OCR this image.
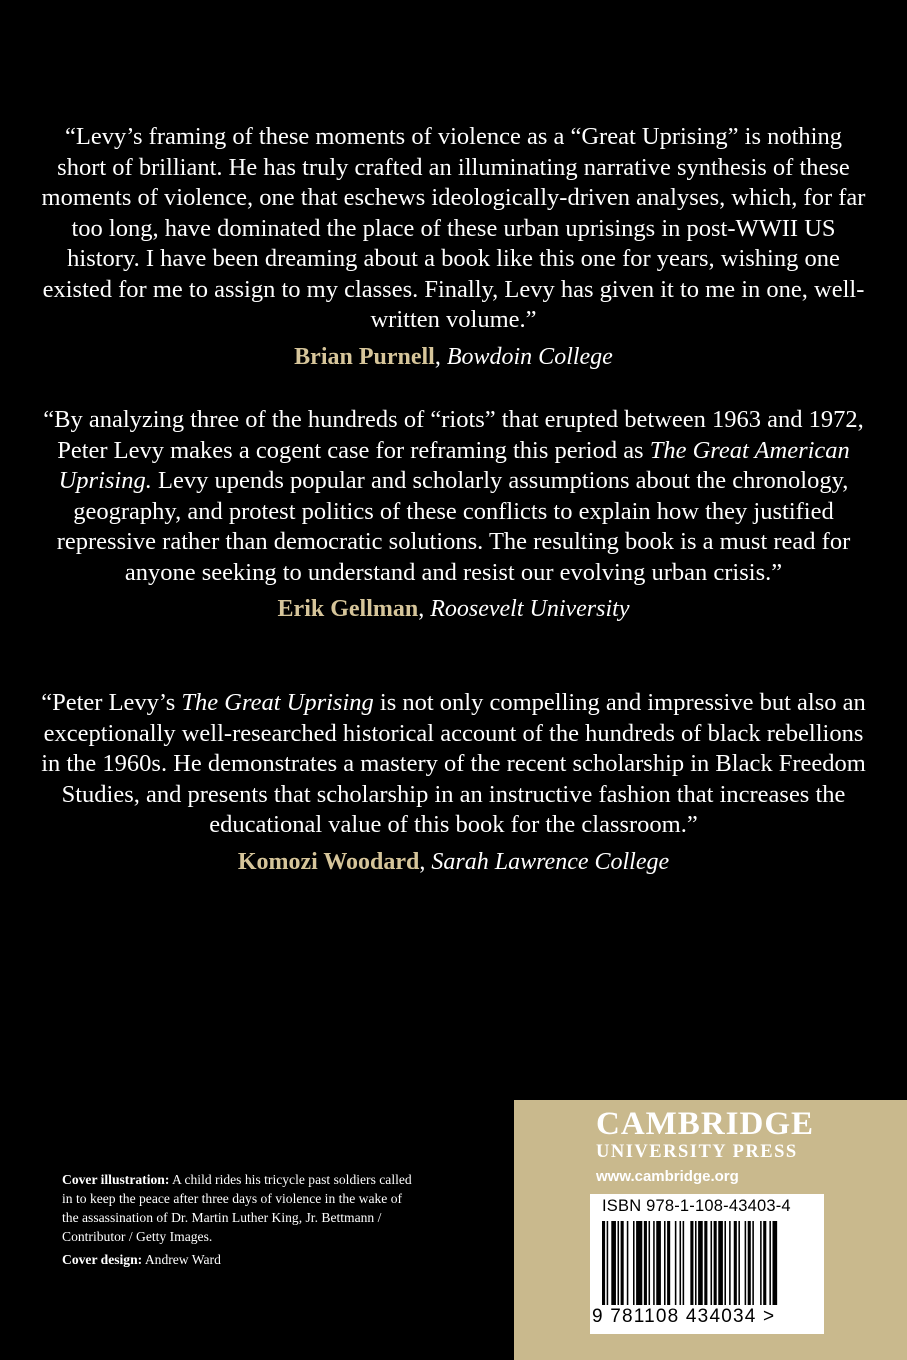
“Levy’s framing of these moments of violence as a “Great Uprising” is nothing short of brilliant. He has truly crafted an illuminating narrative synthesis of these moments of violence, one that eschews ideologically-driven analyses, which, for far too long, have dominated the place of these urban uprisings in post-WWII US history. I have been dreaming about a book like this one for years, wishing one existed for me to assign to my classes. Finally, Levy has given it to me in one, well-written volume.”

Brian Purnell, Bowdoin College

“By analyzing three of the hundreds of “riots” that erupted between 1963 and 1972, Peter Levy makes a cogent case for reframing this period as The Great American Uprising. Levy upends popular and scholarly assumptions about the chronology, geography, and protest politics of these conflicts to explain how they justified repressive rather than democratic solutions. The resulting book is a must read for anyone seeking to understand and resist our evolving urban crisis.”

Erik Gellman, Roosevelt University

“Peter Levy’s The Great Uprising is not only compelling and impressive but also an exceptionally well-researched historical account of the hundreds of black rebellions in the 1960s. He demonstrates a mastery of the recent scholarship in Black Freedom Studies, and presents that scholarship in an instructive fashion that increases the educational value of this book for the classroom.”

Komozi Woodard, Sarah Lawrence College

Cover illustration: A child rides his tricycle past soldiers called in to keep the peace after three days of violence in the wake of the assassination of Dr. Martin Luther King, Jr. Bettmann / Contributor / Getty Images.

Cover design: Andrew Ward

CAMBRIDGE
UNIVERSITY PRESS
www.cambridge.org
ISBN 978-1-108-43403-4
9 781108 434034 >
